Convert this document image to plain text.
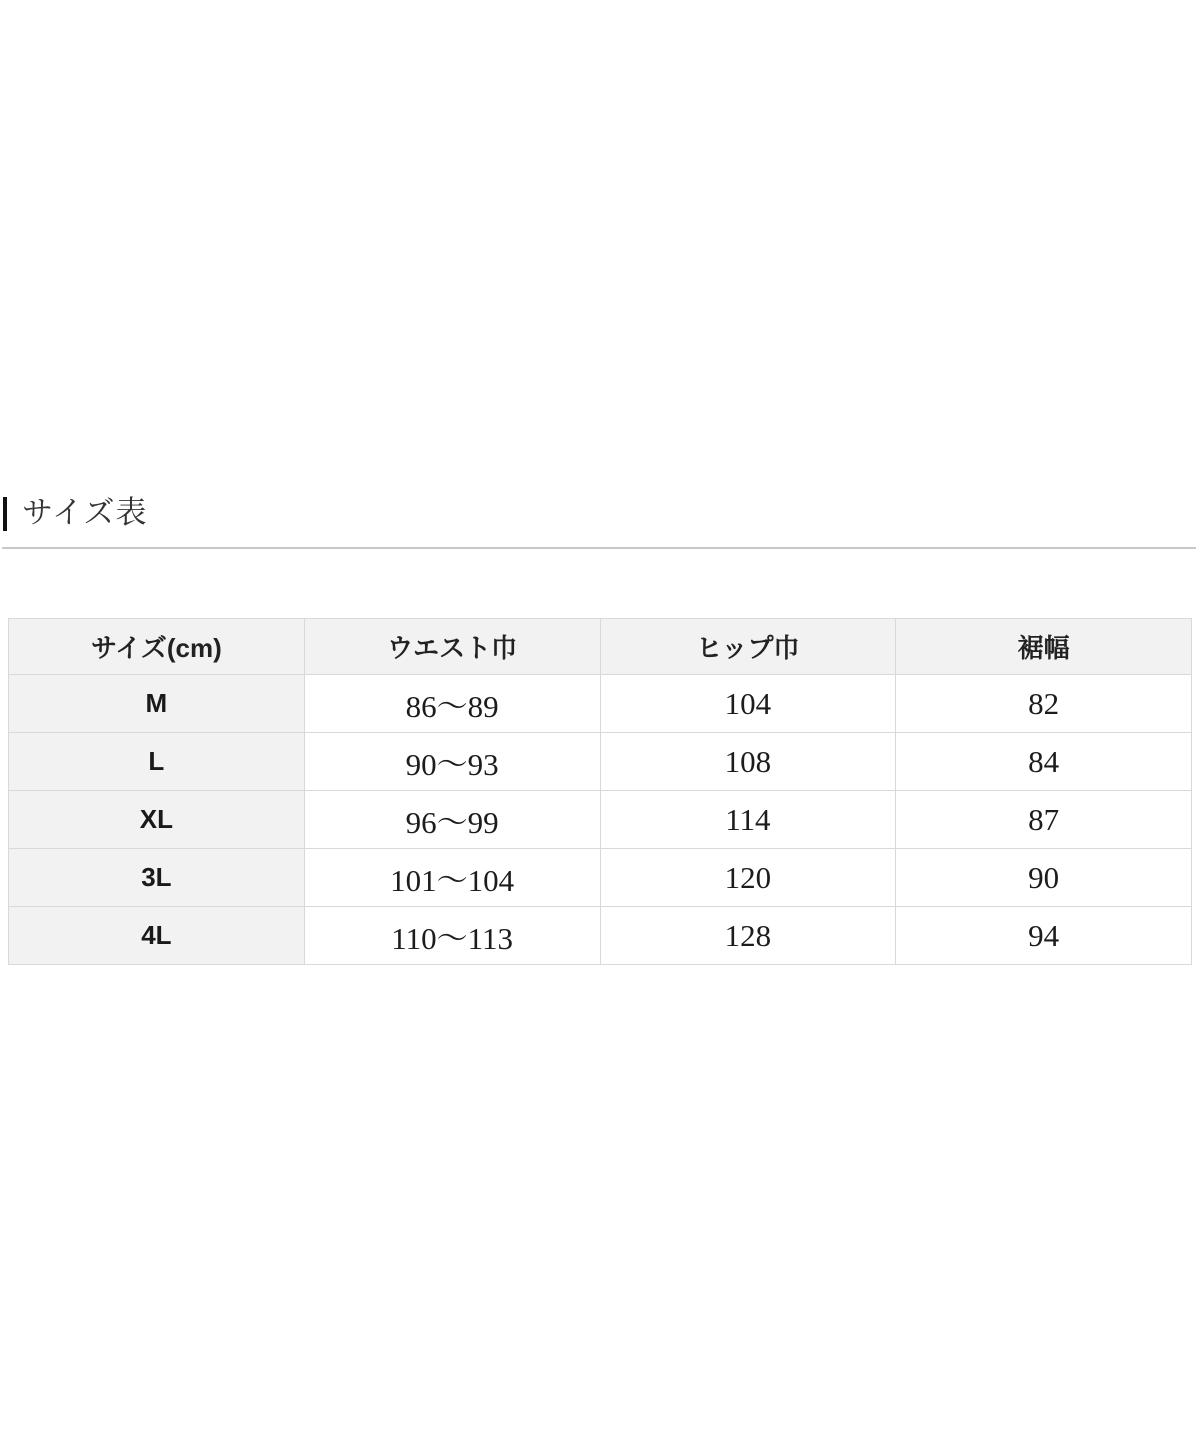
サイズ表
サイズ(cm)	ウエスト巾	ヒップ巾	裾幅
M	86〜89	104	82
L	90〜93	108	84
XL	96〜99	114	87
3L	101〜104	120	90
4L	110〜113	128	94
